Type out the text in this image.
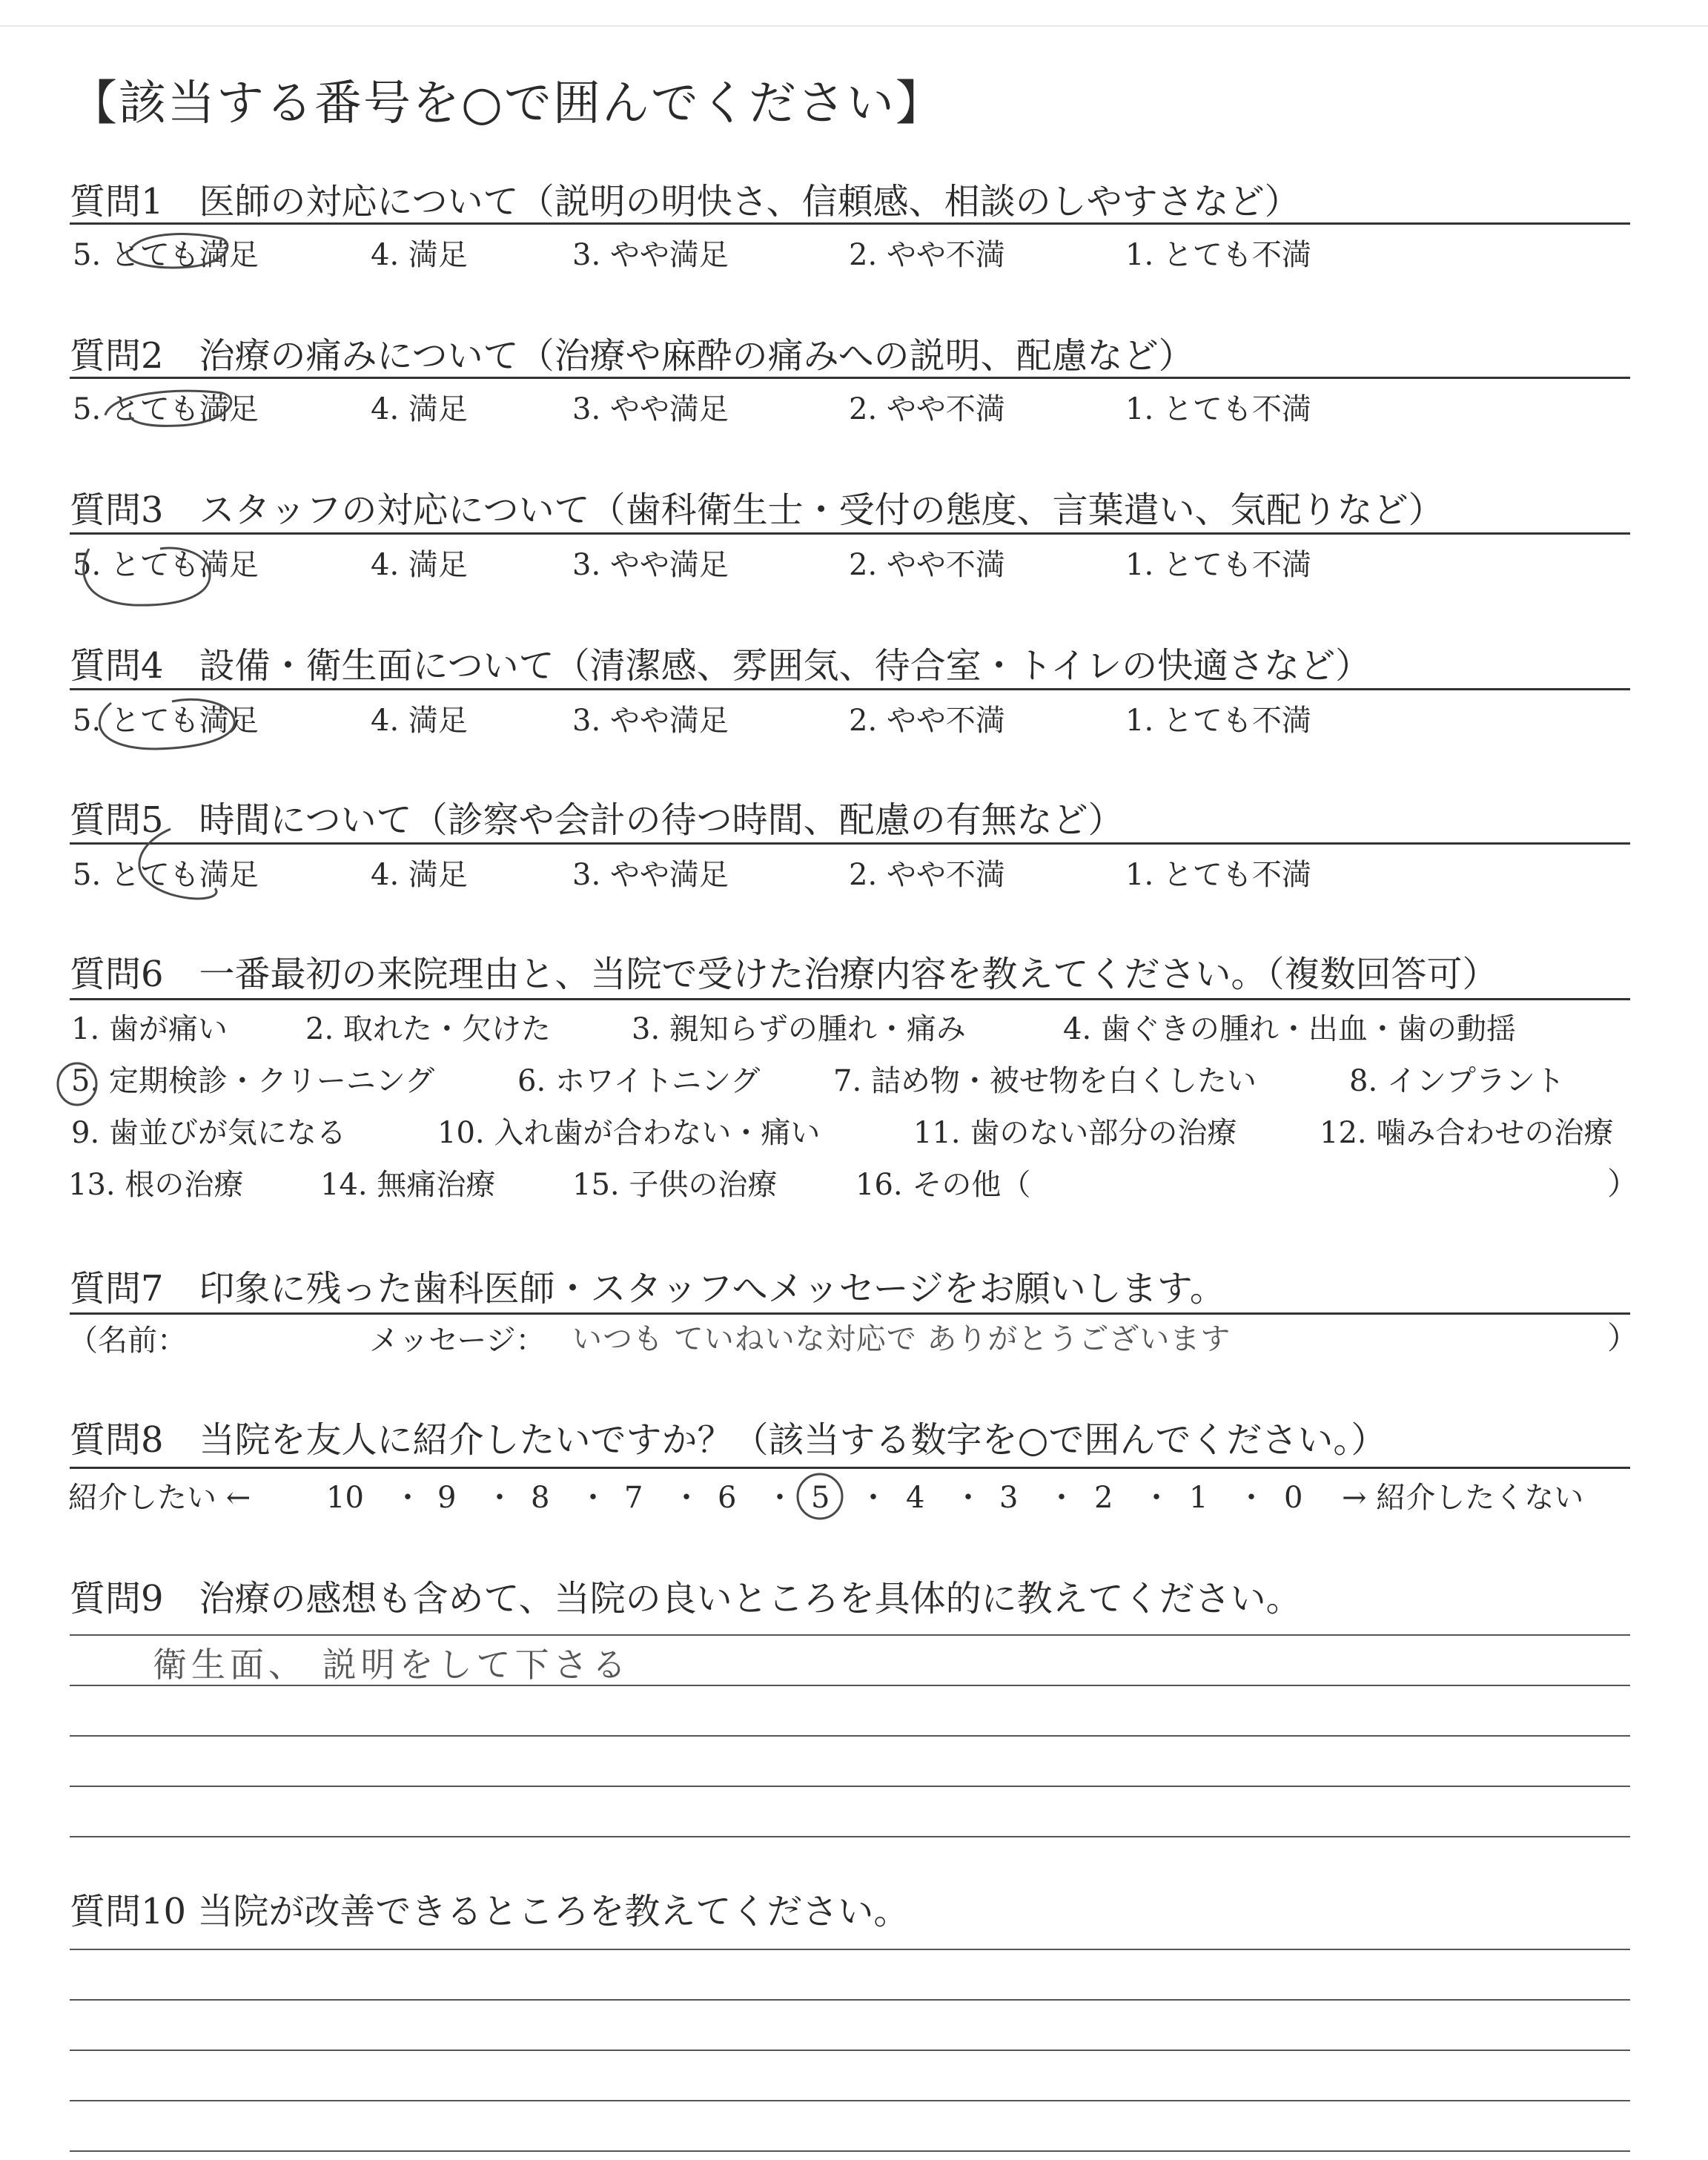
【該当する番号を○で囲んでください】
質問1　医師の対応について（説明の明快さ、信頼感、相談のしやすさなど）
5. とても満足	4. 満足	3. やや満足	2. やや不満	1. とても不満
質問2　治療の痛みについて（治療や麻酔の痛みへの説明、配慮など）
5. とても満足	4. 満足	3. やや満足	2. やや不満	1. とても不満
質問3　スタッフの対応について（歯科衛生士・受付の態度、言葉遣い、気配りなど）
5. とても満足	4. 満足	3. やや満足	2. やや不満	1. とても不満
質問4　設備・衛生面について（清潔感、雰囲気、待合室・トイレの快適さなど）
5. とても満足	4. 満足	3. やや満足	2. やや不満	1. とても不満
質問5　時間について（診察や会計の待つ時間、配慮の有無など）
5. とても満足	4. 満足	3. やや満足	2. やや不満	1. とても不満
質問6　一番最初の来院理由と、当院で受けた治療内容を教えてください。（複数回答可）
1. 歯が痛い	2. 取れた・欠けた	3. 親知らずの腫れ・痛み	4. 歯ぐきの腫れ・出血・歯の動揺
5. 定期検診・クリーニング	6. ホワイトニング 7. 詰め物・被せ物を白くしたい	8. インプラント
9. 歯並びが気になる	10. 入れ歯が合わない・痛い	11. 歯のない部分の治療	12. 噛み合わせの治療
13. 根の治療	14. 無痛治療	15. 子供の治療	16. その他（	）
質問7　印象に残った歯科医師・スタッフへメッセージをお願いします。
（名前：	メッセージ： いつも ていねいな対応で ありがとうございます	）
質問8　当院を友人に紹介したいですか？（該当する数字を○で囲んでください。）
紹介したい ←	10 ・ 9 ・ 8 ・ 7 ・ 6 ・ 5 ・ 4 ・ 3 ・ 2 ・ 1 ・ 0 → 紹介したくない
質問9　治療の感想も含めて、当院の良いところを具体的に教えてください。
衛生面、 説明をして下さる
質問10 当院が改善できるところを教えてください。
